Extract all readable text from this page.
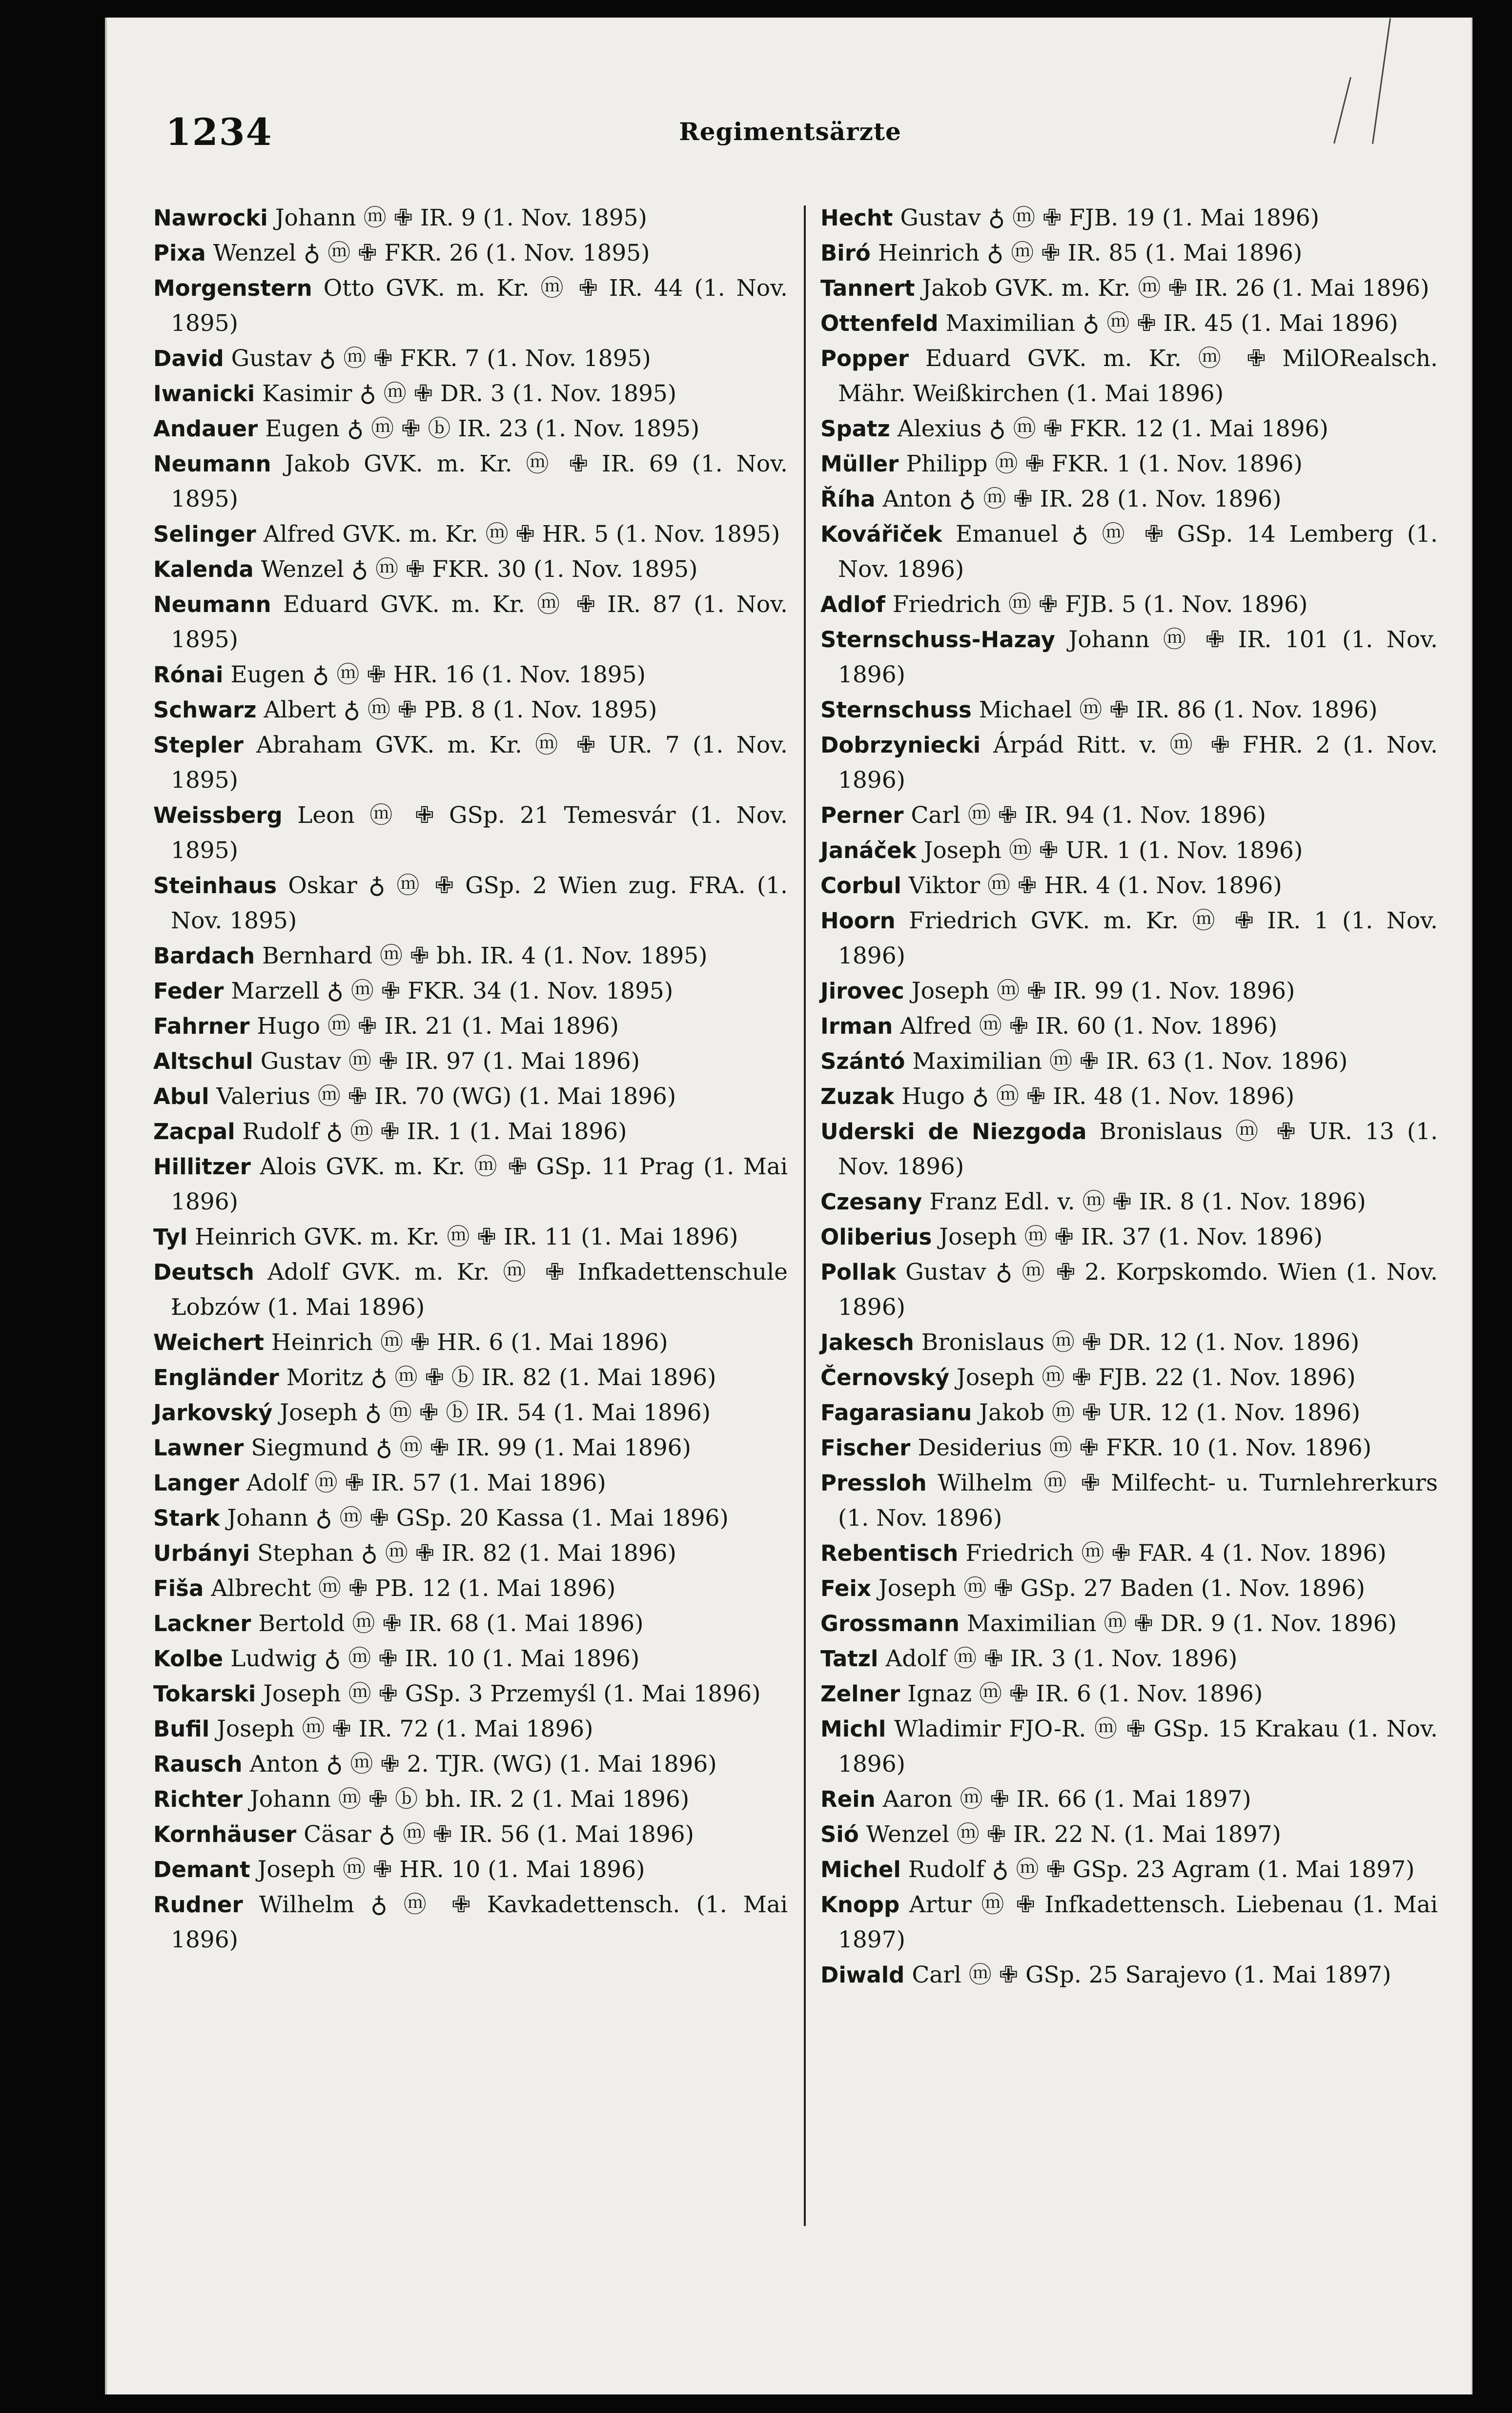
1234	Regimentsärzte
Nawrocki Johann ⓜ ✙ IR. 9 (1. Nov. 1895)
Pixa Wenzel ♁ ⓜ ✙ FKR. 26 (1. Nov. 1895)
Morgenstern Otto GVK. m. Kr. ⓜ ✙ IR. 44 (1. Nov. 1895)
David Gustav ♁ ⓜ ✙ FKR. 7 (1. Nov. 1895)
Iwanicki Kasimir ♁ ⓜ ✙ DR. 3 (1. Nov. 1895)
Andauer Eugen ♁ ⓜ ✙ ⓑ IR. 23 (1. Nov. 1895)
Neumann Jakob GVK. m. Kr. ⓜ ✙ IR. 69 (1. Nov. 1895)
Selinger Alfred GVK. m. Kr. ⓜ ✙ HR. 5 (1. Nov. 1895)
Kalenda Wenzel ♁ ⓜ ✙ FKR. 30 (1. Nov. 1895)
Neumann Eduard GVK. m. Kr. ⓜ ✙ IR. 87 (1. Nov. 1895)
Rónai Eugen ♁ ⓜ ✙ HR. 16 (1. Nov. 1895)
Schwarz Albert ♁ ⓜ ✙ PB. 8 (1. Nov. 1895)
Stepler Abraham GVK. m. Kr. ⓜ ✙ UR. 7 (1. Nov. 1895)
Weissberg Leon ⓜ ✙ GSp. 21 Temesvár (1. Nov. 1895)
Steinhaus Oskar ♁ ⓜ ✙ GSp. 2 Wien zug. FRA. (1. Nov. 1895)
Bardach Bernhard ⓜ ✙ bh. IR. 4 (1. Nov. 1895)
Feder Marzell ♁ ⓜ ✙ FKR. 34 (1. Nov. 1895)
Fahrner Hugo ⓜ ✙ IR. 21 (1. Mai 1896)
Altschul Gustav ⓜ ✙ IR. 97 (1. Mai 1896)
Abul Valerius ⓜ ✙ IR. 70 (WG) (1. Mai 1896)
Zacpal Rudolf ♁ ⓜ ✙ IR. 1 (1. Mai 1896)
Hillitzer Alois GVK. m. Kr. ⓜ ✙ GSp. 11 Prag (1. Mai 1896)
Tyl Heinrich GVK. m. Kr. ⓜ ✙ IR. 11 (1. Mai 1896)
Deutsch Adolf GVK. m. Kr. ⓜ ✙ Infkadettenschule Łobzów (1. Mai 1896)
Weichert Heinrich ⓜ ✙ HR. 6 (1. Mai 1896)
Engländer Moritz ♁ ⓜ ✙ ⓑ IR. 82 (1. Mai 1896)
Jarkovský Joseph ♁ ⓜ ✙ ⓑ IR. 54 (1. Mai 1896)
Lawner Siegmund ♁ ⓜ ✙ IR. 99 (1. Mai 1896)
Langer Adolf ⓜ ✙ IR. 57 (1. Mai 1896)
Stark Johann ♁ ⓜ ✙ GSp. 20 Kassa (1. Mai 1896)
Urbányi Stephan ♁ ⓜ ✙ IR. 82 (1. Mai 1896)
Fiša Albrecht ⓜ ✙ PB. 12 (1. Mai 1896)
Lackner Bertold ⓜ ✙ IR. 68 (1. Mai 1896)
Kolbe Ludwig ♁ ⓜ ✙ IR. 10 (1. Mai 1896)
Tokarski Joseph ⓜ ✙ GSp. 3 Przemyśl (1. Mai 1896)
Bufil Joseph ⓜ ✙ IR. 72 (1. Mai 1896)
Rausch Anton ♁ ⓜ ✙ 2. TJR. (WG) (1. Mai 1896)
Richter Johann ⓜ ✙ ⓑ bh. IR. 2 (1. Mai 1896)
Kornhäuser Cäsar ♁ ⓜ ✙ IR. 56 (1. Mai 1896)
Demant Joseph ⓜ ✙ HR. 10 (1. Mai 1896)
Rudner Wilhelm ♁ ⓜ ✙ Kavkadettensch. (1. Mai 1896)
Hecht Gustav ♁ ⓜ ✙ FJB. 19 (1. Mai 1896)
Biró Heinrich ♁ ⓜ ✙ IR. 85 (1. Mai 1896)
Tannert Jakob GVK. m. Kr. ⓜ ✙ IR. 26 (1. Mai 1896)
Ottenfeld Maximilian ♁ ⓜ ✙ IR. 45 (1. Mai 1896)
Popper Eduard GVK. m. Kr. ⓜ ✙ MilORealsch. Mähr. Weißkirchen (1. Mai 1896)
Spatz Alexius ♁ ⓜ ✙ FKR. 12 (1. Mai 1896)
Müller Philipp ⓜ ✙ FKR. 1 (1. Nov. 1896)
Říha Anton ♁ ⓜ ✙ IR. 28 (1. Nov. 1896)
Kovářiček Emanuel ♁ ⓜ ✙ GSp. 14 Lemberg (1. Nov. 1896)
Adlof Friedrich ⓜ ✙ FJB. 5 (1. Nov. 1896)
Sternschuss-Hazay Johann ⓜ ✙ IR. 101 (1. Nov. 1896)
Sternschuss Michael ⓜ ✙ IR. 86 (1. Nov. 1896)
Dobrzyniecki Árpád Ritt. v. ⓜ ✙ FHR. 2 (1. Nov. 1896)
Perner Carl ⓜ ✙ IR. 94 (1. Nov. 1896)
Janáček Joseph ⓜ ✙ UR. 1 (1. Nov. 1896)
Corbul Viktor ⓜ ✙ HR. 4 (1. Nov. 1896)
Hoorn Friedrich GVK. m. Kr. ⓜ ✙ IR. 1 (1. Nov. 1896)
Jirovec Joseph ⓜ ✙ IR. 99 (1. Nov. 1896)
Irman Alfred ⓜ ✙ IR. 60 (1. Nov. 1896)
Szántó Maximilian ⓜ ✙ IR. 63 (1. Nov. 1896)
Zuzak Hugo ♁ ⓜ ✙ IR. 48 (1. Nov. 1896)
Uderski de Niezgoda Bronislaus ⓜ ✙ UR. 13 (1. Nov. 1896)
Czesany Franz Edl. v. ⓜ ✙ IR. 8 (1. Nov. 1896)
Oliberius Joseph ⓜ ✙ IR. 37 (1. Nov. 1896)
Pollak Gustav ♁ ⓜ ✙ 2. Korpskomdo. Wien (1. Nov. 1896)
Jakesch Bronislaus ⓜ ✙ DR. 12 (1. Nov. 1896)
Černovský Joseph ⓜ ✙ FJB. 22 (1. Nov. 1896)
Fagarasianu Jakob ⓜ ✙ UR. 12 (1. Nov. 1896)
Fischer Desiderius ⓜ ✙ FKR. 10 (1. Nov. 1896)
Pressloh Wilhelm ⓜ ✙ Milfecht- u. Turnlehrerkurs (1. Nov. 1896)
Rebentisch Friedrich ⓜ ✙ FAR. 4 (1. Nov. 1896)
Feix Joseph ⓜ ✙ GSp. 27 Baden (1. Nov. 1896)
Grossmann Maximilian ⓜ ✙ DR. 9 (1. Nov. 1896)
Tatzl Adolf ⓜ ✙ IR. 3 (1. Nov. 1896)
Zelner Ignaz ⓜ ✙ IR. 6 (1. Nov. 1896)
Michl Wladimir FJO-R. ⓜ ✙ GSp. 15 Krakau (1. Nov. 1896)
Rein Aaron ⓜ ✙ IR. 66 (1. Mai 1897)
Sió Wenzel ⓜ ✙ IR. 22 N. (1. Mai 1897)
Michel Rudolf ♁ ⓜ ✙ GSp. 23 Agram (1. Mai 1897)
Knopp Artur ⓜ ✙ Infkadettensch. Liebenau (1. Mai 1897)
Diwald Carl ⓜ ✙ GSp. 25 Sarajevo (1. Mai 1897)
